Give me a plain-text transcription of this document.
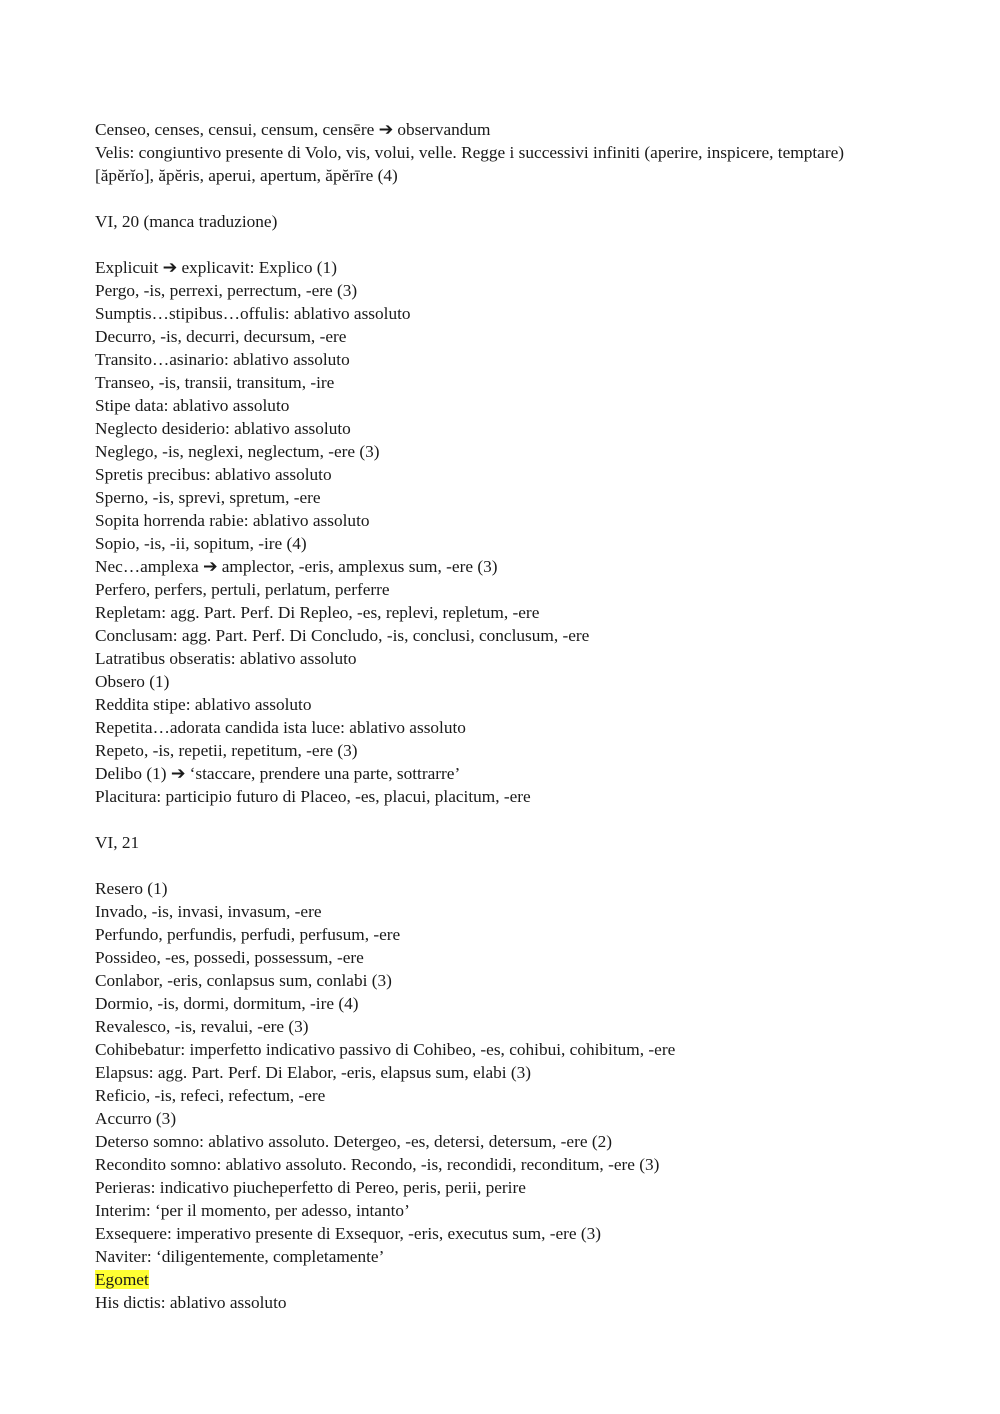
Censeo, censes, censui, censum, censēre ➔ observandum
Velis: congiuntivo presente di Volo, vis, volui, velle. Regge i successivi infiniti (aperire, inspicere, temptare)
[ăpĕrĭo], ăpĕris, aperui, apertum, ăpĕrīre (4)
VI, 20 (manca traduzione)
Explicuit ➔ explicavit: Explico (1)
Pergo, -is, perrexi, perrectum, -ere (3)
Sumptis…stipibus…offulis: ablativo assoluto
Decurro, -is, decurri, decursum, -ere
Transito…asinario: ablativo assoluto
Transeo, -is, transii, transitum, -ire
Stipe data: ablativo assoluto
Neglecto desiderio: ablativo assoluto
Neglego, -is, neglexi, neglectum, -ere (3)
Spretis precibus: ablativo assoluto
Sperno, -is, sprevi, spretum, -ere
Sopita horrenda rabie: ablativo assoluto
Sopio, -is, -ii, sopitum, -ire (4)
Nec…amplexa ➔ amplector, -eris, amplexus sum, -ere (3)
Perfero, perfers, pertuli, perlatum, perferre
Repletam: agg. Part. Perf. Di Repleo, -es, replevi, repletum, -ere
Conclusam: agg. Part. Perf. Di Concludo, -is, conclusi, conclusum, -ere
Latratibus obseratis: ablativo assoluto
Obsero (1)
Reddita stipe: ablativo assoluto
Repetita…adorata candida ista luce: ablativo assoluto
Repeto, -is, repetii, repetitum, -ere (3)
Delibo (1) ➔ ‘staccare, prendere una parte, sottrarre’
Placitura: participio futuro di Placeo, -es, placui, placitum, -ere
VI, 21
Resero (1)
Invado, -is, invasi, invasum, -ere
Perfundo, perfundis, perfudi, perfusum, -ere
Possideo, -es, possedi, possessum, -ere
Conlabor, -eris, conlapsus sum, conlabi (3)
Dormio, -is, dormi, dormitum, -ire (4)
Revalesco, -is, revalui, -ere (3)
Cohibebatur: imperfetto indicativo passivo di Cohibeo, -es, cohibui, cohibitum, -ere
Elapsus: agg. Part. Perf. Di Elabor, -eris, elapsus sum, elabi (3)
Reficio, -is, refeci, refectum, -ere
Accurro (3)
Deterso somno: ablativo assoluto. Detergeo, -es, detersi, detersum, -ere (2)
Recondito somno: ablativo assoluto. Recondo, -is, recondidi, reconditum, -ere (3)
Perieras: indicativo piucheperfetto di Pereo, peris, perii, perire
Interim: ‘per il momento, per adesso, intanto’
Exsequere: imperativo presente di Exsequor, -eris, executus sum, -ere (3)
Naviter: ‘diligentemente, completamente’
Egomet
His dictis: ablativo assoluto
